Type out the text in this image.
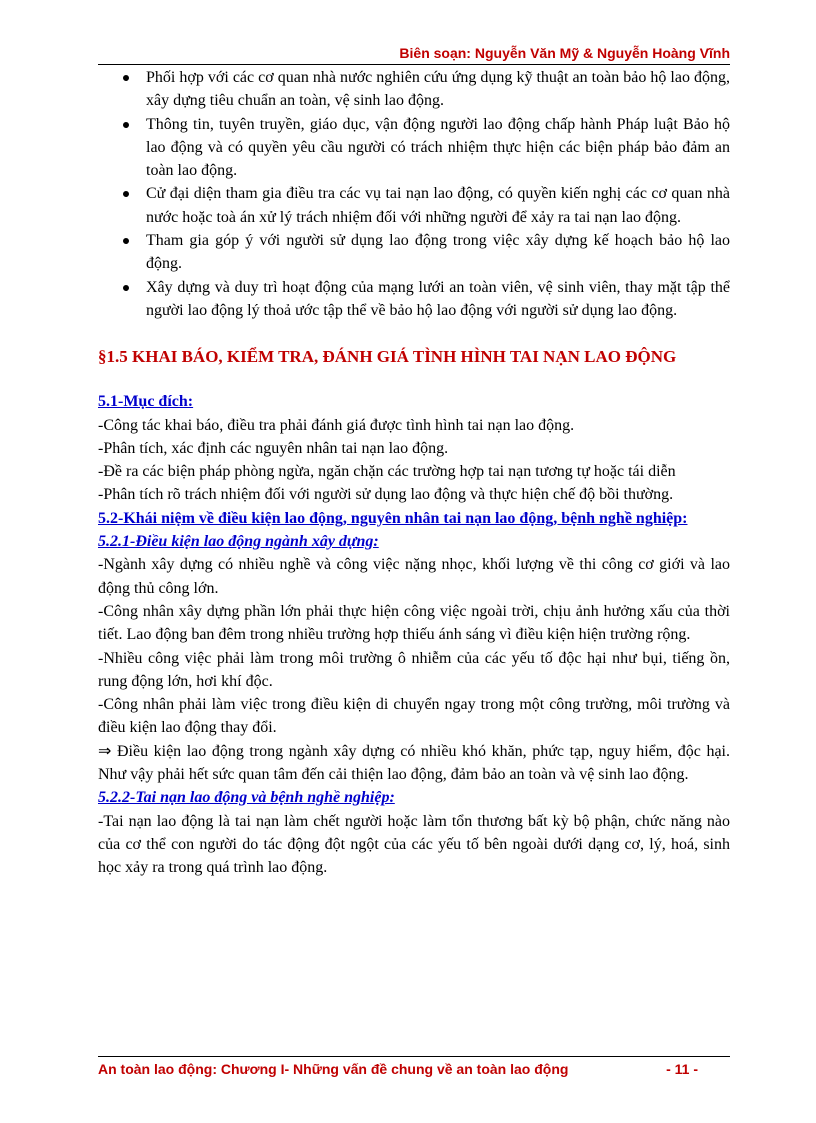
Biên soạn: Nguyễn Văn Mỹ & Nguyễn Hoàng Vĩnh
Phối hợp với các cơ quan nhà nước nghiên cứu ứng dụng kỹ thuật an toàn bảo hộ lao động, xây dựng tiêu chuẩn an toàn, vệ sinh lao động.
Thông tin, tuyên truyền, giáo dục, vận động người lao động chấp hành Pháp luật Bảo hộ lao động và có quyền yêu cầu người có trách nhiệm thực hiện các biện pháp bảo đảm an toàn lao động.
Cử đại diện tham gia điều tra các vụ tai nạn lao động, có quyền kiến nghị các cơ quan nhà nước hoặc toà án xử lý trách nhiệm đối với những người để xảy ra tai nạn lao động.
Tham gia góp ý với người sử dụng lao động trong việc xây dựng kế hoạch bảo hộ lao động.
Xây dựng và duy trì hoạt động của mạng lưới an toàn viên, vệ sinh viên, thay mặt tập thể người lao động lý thoả ước tập thể về bảo hộ lao động với người sử dụng lao động.
§1.5 KHAI BÁO, KIỂM TRA, ĐÁNH GIÁ TÌNH HÌNH TAI NẠN LAO ĐỘNG
5.1-Mục đích:

-Công tác khai báo, điều tra phải đánh giá được tình hình tai nạn lao động.

-Phân tích, xác định các nguyên nhân tai nạn lao động.

-Đề ra các biện pháp phòng ngừa, ngăn chặn các trường hợp tai nạn tương tự hoặc tái diễn

-Phân tích rõ trách nhiệm đối với người sử dụng lao động và thực hiện chế độ bồi thường.

5.2-Khái niệm về điều kiện lao động, nguyên nhân tai nạn lao động, bệnh nghề nghiệp:
5.2.1-Điều kiện lao động ngành xây dựng:

-Ngành xây dựng có nhiều nghề và công việc nặng nhọc, khối lượng về thi công cơ giới và lao động thủ công lớn.

-Công nhân xây dựng phần lớn phải thực hiện công việc ngoài trời, chịu ảnh hưởng xấu của thời tiết. Lao động ban đêm trong nhiều trường hợp thiếu ánh sáng vì điều kiện hiện trường rộng.

-Nhiều công việc phải làm trong môi trường ô nhiễm của các yếu tố độc hại như bụi, tiếng ồn, rung động lớn, hơi khí độc.

-Công nhân phải làm việc trong điều kiện di chuyển ngay trong một công trường, môi trường và điều kiện lao động thay đổi.

⇒ Điều kiện lao động trong ngành xây dựng có nhiều khó khăn, phức tạp, nguy hiểm, độc hại. Như vậy phải hết sức quan tâm đến cải thiện lao động, đảm bảo an toàn và vệ sinh lao động.

5.2.2-Tai nạn lao động và bệnh nghề nghiệp:

-Tai nạn lao động là tai nạn làm chết người hoặc làm tổn thương bất kỳ bộ phận, chức năng nào của cơ thể con người do tác động đột ngột của các yếu tố bên ngoài dưới dạng cơ, lý, hoá, sinh học xảy ra trong quá trình lao động.

An toàn lao động: Chương I- Những vấn đề chung về an toàn lao động	- 11 -
